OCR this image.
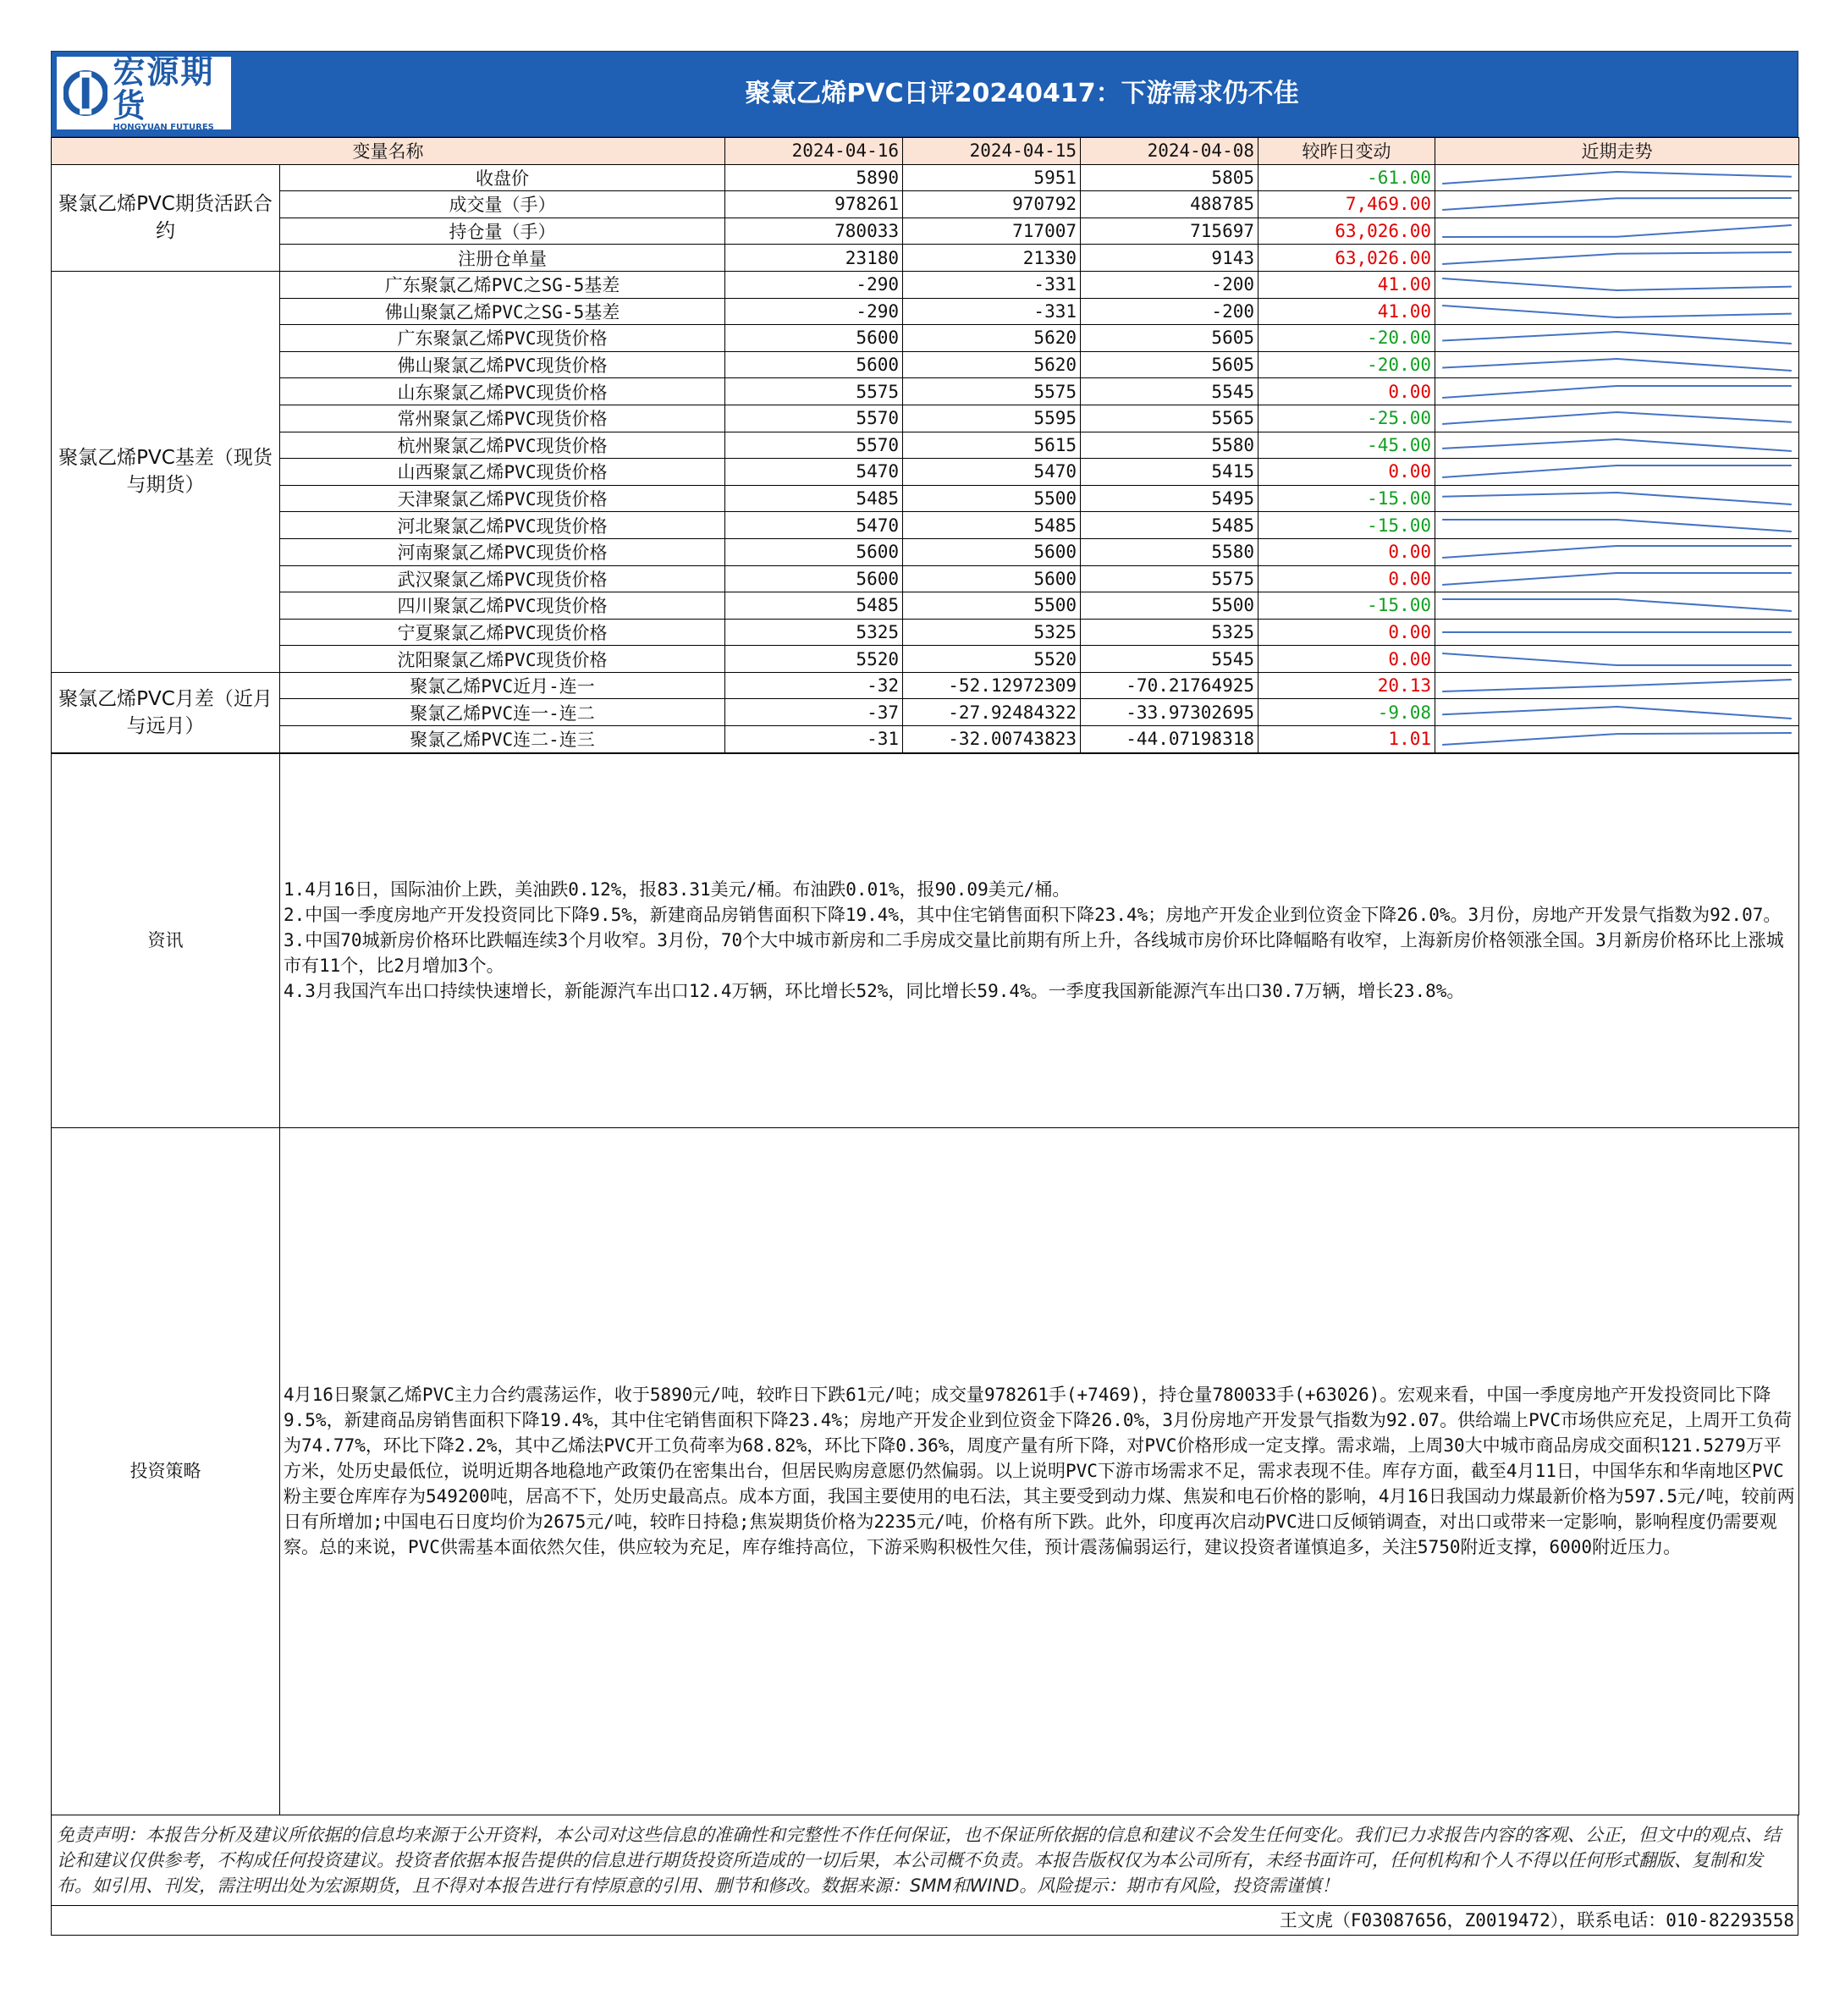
宏源期货
HONGYUAN FUTURES
聚氯乙烯PVC日评20240417：下游需求仍不佳
变量名称		2024-04-16	2024-04-15	2024-04-08	较昨日变动	近期走势
聚氯乙烯PVC期货活跃合约	收盘价	5890	5951	5805	-61.00	

	成交量（手）	978261	970792	488785	7,469.00	

	持仓量（手）	780033	717007	715697	63,026.00	

	注册仓单量	23180	21330	9143	63,026.00	

聚氯乙烯PVC基差（现货与期货）	广东聚氯乙烯PVC之SG-5基差	-290	-331	-200	41.00	

	佛山聚氯乙烯PVC之SG-5基差	-290	-331	-200	41.00	

	广东聚氯乙烯PVC现货价格	5600	5620	5605	-20.00	

	佛山聚氯乙烯PVC现货价格	5600	5620	5605	-20.00	

	山东聚氯乙烯PVC现货价格	5575	5575	5545	0.00	

	常州聚氯乙烯PVC现货价格	5570	5595	5565	-25.00	

	杭州聚氯乙烯PVC现货价格	5570	5615	5580	-45.00	

	山西聚氯乙烯PVC现货价格	5470	5470	5415	0.00	

	天津聚氯乙烯PVC现货价格	5485	5500	5495	-15.00	

	河北聚氯乙烯PVC现货价格	5470	5485	5485	-15.00	

	河南聚氯乙烯PVC现货价格	5600	5600	5580	0.00	

	武汉聚氯乙烯PVC现货价格	5600	5600	5575	0.00	

	四川聚氯乙烯PVC现货价格	5485	5500	5500	-15.00	

	宁夏聚氯乙烯PVC现货价格	5325	5325	5325	0.00	

	沈阳聚氯乙烯PVC现货价格	5520	5520	5545	0.00	

聚氯乙烯PVC月差（近月与远月）	聚氯乙烯PVC近月-连一	-32	-52.12972309	-70.21764925	20.13	

	聚氯乙烯PVC连一-连二	-37	-27.92484322	-33.97302695	-9.08	

	聚氯乙烯PVC连二-连三	-31	-32.00743823	-44.07198318	1.01	
资讯	1.4月16日，国际油价上跌，美油跌0.12%，报83.31美元/桶。布油跌0.01%，报90.09美元/桶。
2.中国一季度房地产开发投资同比下降9.5%，新建商品房销售面积下降19.4%，其中住宅销售面积下降23.4%；房地产开发企业到位资金下降26.0%。3月份，房地产开发景气指数为92.07。
3.中国70城新房价格环比跌幅连续3个月收窄。3月份，70个大中城市新房和二手房成交量比前期有所上升，各线城市房价环比降幅略有收窄，上海新房价格领涨全国。3月新房价格环比上涨城市有11个，比2月增加3个。
4.3月我国汽车出口持续快速增长，新能源汽车出口12.4万辆，环比增长52%，同比增长59.4%。一季度我国新能源汽车出口30.7万辆，增长23.8%。

投资策略	4月16日聚氯乙烯PVC主力合约震荡运作，收于5890元/吨，较昨日下跌61元/吨；成交量978261手(+7469)，持仓量780033手(+63026)。宏观来看，中国一季度房地产开发投资同比下降9.5%，新建商品房销售面积下降19.4%，其中住宅销售面积下降23.4%；房地产开发企业到位资金下降26.0%，3月份房地产开发景气指数为92.07。供给端上PVC市场供应充足，上周开工负荷为74.77%，环比下降2.2%，其中乙烯法PVC开工负荷率为68.82%，环比下降0.36%，周度产量有所下降，对PVC价格形成一定支撑。需求端，上周30大中城市商品房成交面积121.5279万平方米，处历史最低位，说明近期各地稳地产政策仍在密集出台，但居民购房意愿仍然偏弱。以上说明PVC下游市场需求不足，需求表现不佳。库存方面，截至4月11日，中国华东和华南地区PVC粉主要仓库库存为549200吨，居高不下，处历史最高点。成本方面，我国主要使用的电石法，其主要受到动力煤、焦炭和电石价格的影响，4月16日我国动力煤最新价格为597.5元/吨，较前两日有所增加;中国电石日度均价为2675元/吨，较昨日持稳;焦炭期货价格为2235元/吨，价格有所下跌。此外，印度再次启动PVC进口反倾销调查，对出口或带来一定影响，影响程度仍需要观察。总的来说，PVC供需基本面依然欠佳，供应较为充足，库存维持高位，下游采购积极性欠佳，预计震荡偏弱运行，建议投资者谨慎追多，关注5750附近支撑，6000附近压力。
免责声明：本报告分析及建议所依据的信息均来源于公开资料，本公司对这些信息的准确性和完整性不作任何保证，也不保证所依据的信息和建议不会发生任何变化。我们已力求报告内容的客观、公正，但文中的观点、结论和建议仅供参考，不构成任何投资建议。投资者依据本报告提供的信息进行期货投资所造成的一切后果，本公司概不负责。本报告版权仅为本公司所有，未经书面许可，任何机构和个人不得以任何形式翻版、复制和发布。如引用、刊发，需注明出处为宏源期货，且不得对本报告进行有悖原意的引用、删节和修改。数据来源：SMM和WIND。风险提示：期市有风险，投资需谨慎！
王文虎（F03087656，Z0019472），联系电话：010-82293558
